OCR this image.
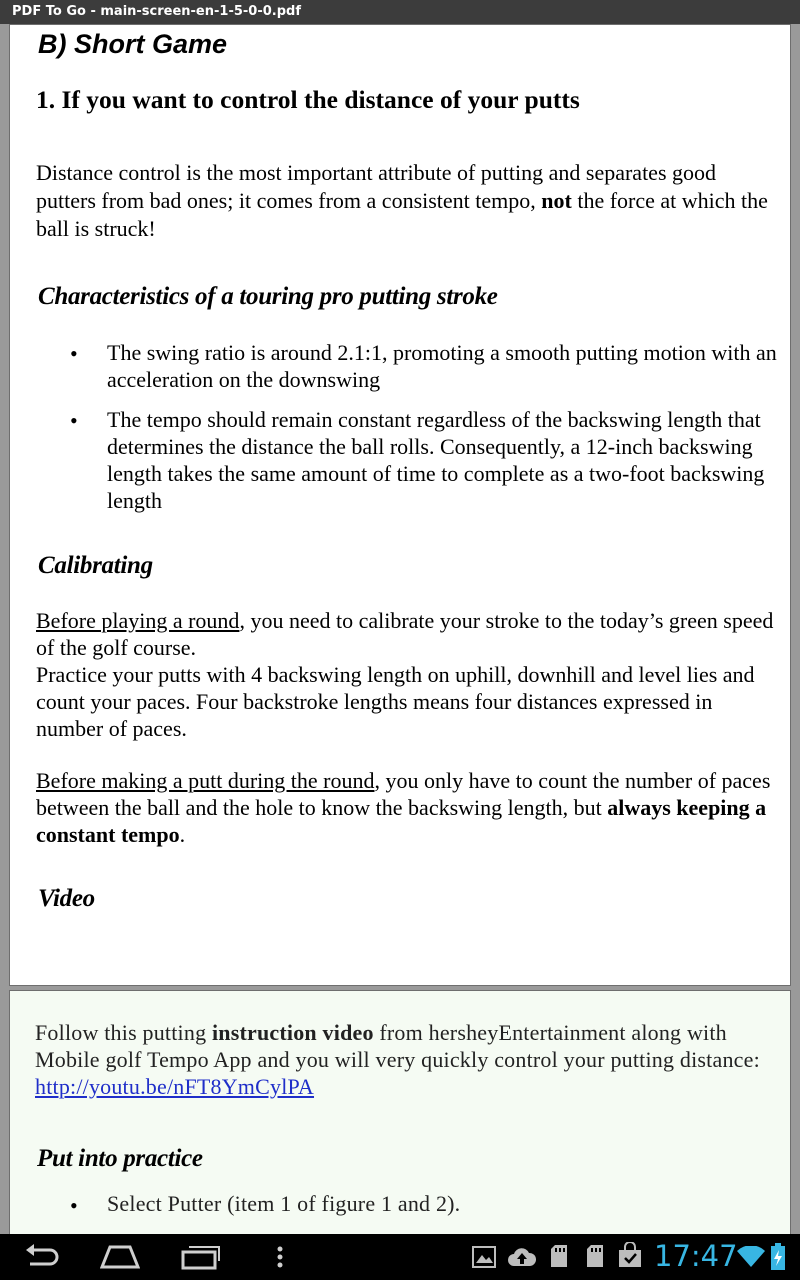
PDF To Go - main-screen-en-1-5-0-0.pdf
B) Short Game
1. If you want to control the distance of your putts

Distance control is the most important attribute of putting and separates good putters from bad ones; it comes from a consistent tempo, not the force at which the ball is struck!

Characteristics of a touring pro putting stroke
• The swing ratio is around 2.1:1, promoting a smooth putting motion with an acceleration on the downswing

• The tempo should remain constant regardless of the backswing length that determines the distance the ball rolls. Consequently, a 12-inch backswing length takes the same amount of time to complete as a two-foot backswing length

Calibrating

Before playing a round, you need to calibrate your stroke to the today’s green speed of the golf course.

Practice your putts with 4 backswing length on uphill, downhill and level lies and count your paces. Four backstroke lengths means four distances expressed in number of paces.

Before making a putt during the round, you only have to count the number of paces between the ball and the hole to know the backswing length, but always keeping a constant tempo.

Video

Follow this putting instruction video from hersheyEntertainment along with Mobile golf Tempo App and you will very quickly control your putting distance: http://youtu.be/nFT8YmCylPA

Put into practice
• Select Putter (item 1 of figure 1 and 2).

17:47
